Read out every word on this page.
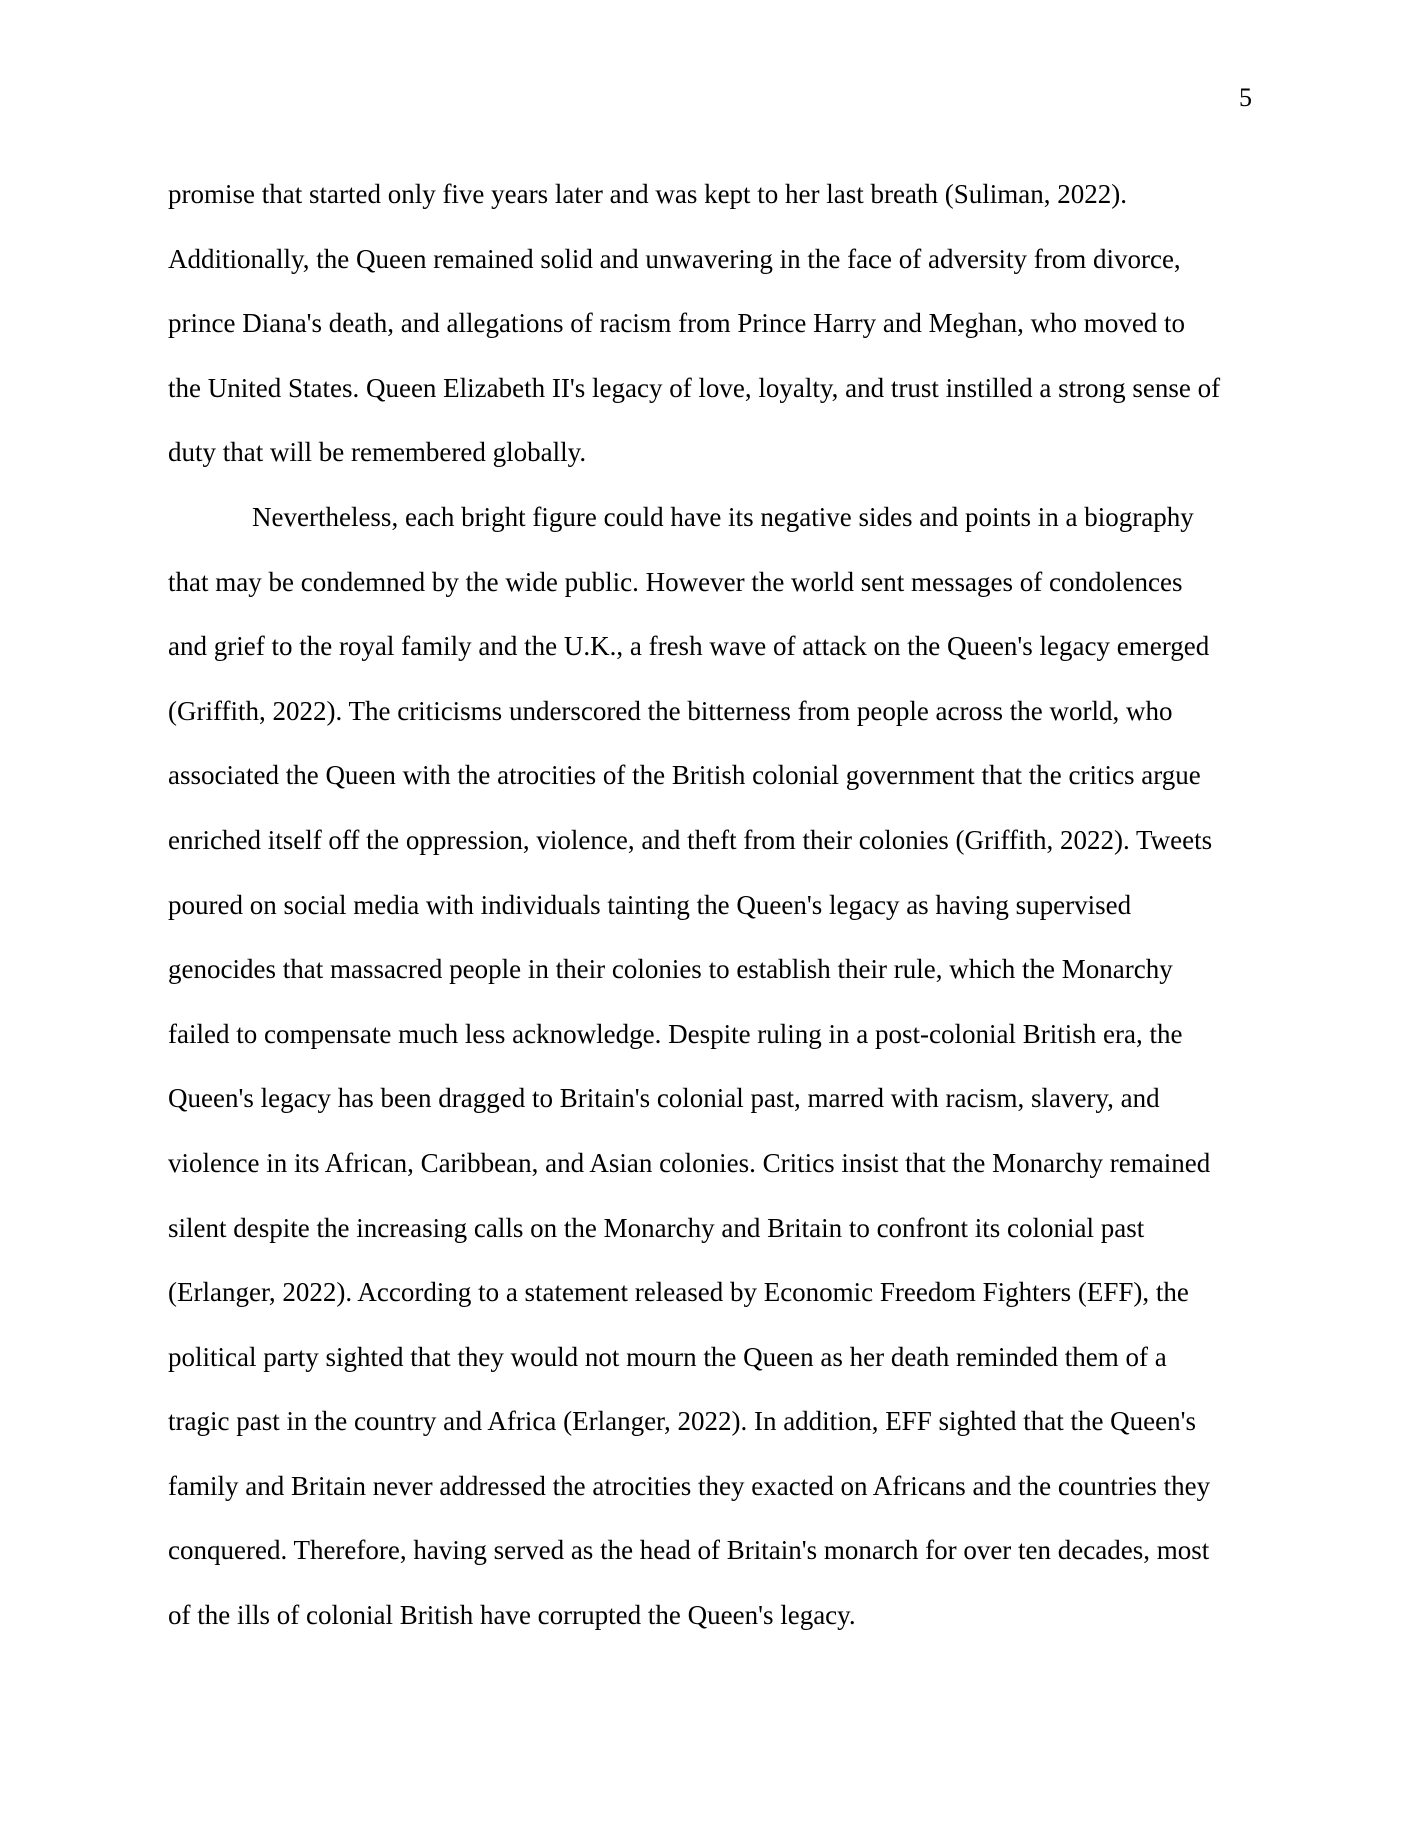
5
promise that started only five years later and was kept to her last breath (Suliman, 2022).
Additionally, the Queen remained solid and unwavering in the face of adversity from divorce,
prince Diana's death, and allegations of racism from Prince Harry and Meghan, who moved to
the United States. Queen Elizabeth II's legacy of love, loyalty, and trust instilled a strong sense of
duty that will be remembered globally.
Nevertheless, each bright figure could have its negative sides and points in a biography
that may be condemned by the wide public. However the world sent messages of condolences
and grief to the royal family and the U.K., a fresh wave of attack on the Queen's legacy emerged
(Griffith, 2022). The criticisms underscored the bitterness from people across the world, who
associated the Queen with the atrocities of the British colonial government that the critics argue
enriched itself off the oppression, violence, and theft from their colonies (Griffith, 2022). Tweets
poured on social media with individuals tainting the Queen's legacy as having supervised
genocides that massacred people in their colonies to establish their rule, which the Monarchy
failed to compensate much less acknowledge. Despite ruling in a post-colonial British era, the
Queen's legacy has been dragged to Britain's colonial past, marred with racism, slavery, and
violence in its African, Caribbean, and Asian colonies. Critics insist that the Monarchy remained
silent despite the increasing calls on the Monarchy and Britain to confront its colonial past
(Erlanger, 2022). According to a statement released by Economic Freedom Fighters (EFF), the
political party sighted that they would not mourn the Queen as her death reminded them of a
tragic past in the country and Africa (Erlanger, 2022). In addition, EFF sighted that the Queen's
family and Britain never addressed the atrocities they exacted on Africans and the countries they
conquered. Therefore, having served as the head of Britain's monarch for over ten decades, most
of the ills of colonial British have corrupted the Queen's legacy.
